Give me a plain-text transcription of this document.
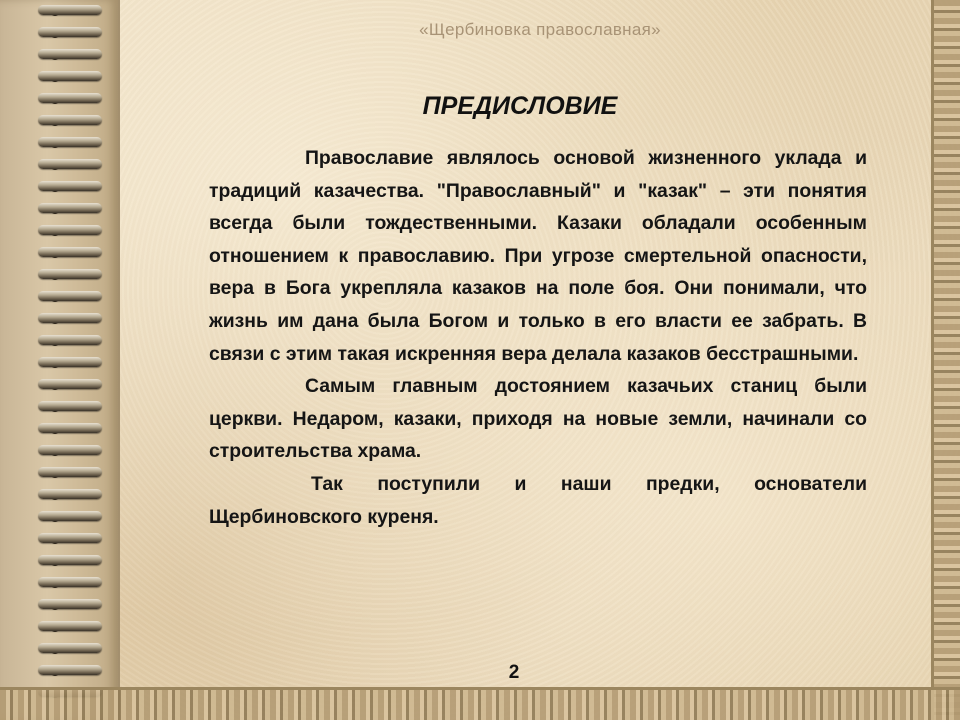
«Щербиновка православная»
ПРЕДИСЛОВИЕ

Православие являлось основой жизненного уклада и традиций казачества. "Православный" и "казак" – эти понятия всегда были тождественными. Казаки обладали особенным отношением к православию. При угрозе смертельной опасности, вера в Бога укрепляла казаков на поле боя. Они понимали, что жизнь им дана была Богом и только в его власти ее забрать. В связи с этим такая искренняя вера делала казаков бесстрашными.

Самым главным достоянием казачьих станиц были церкви. Недаром, казаки, приходя на новые земли, начинали со строительства храма.

Так поступили и наши предки, основатели Щербиновского куреня.

2
